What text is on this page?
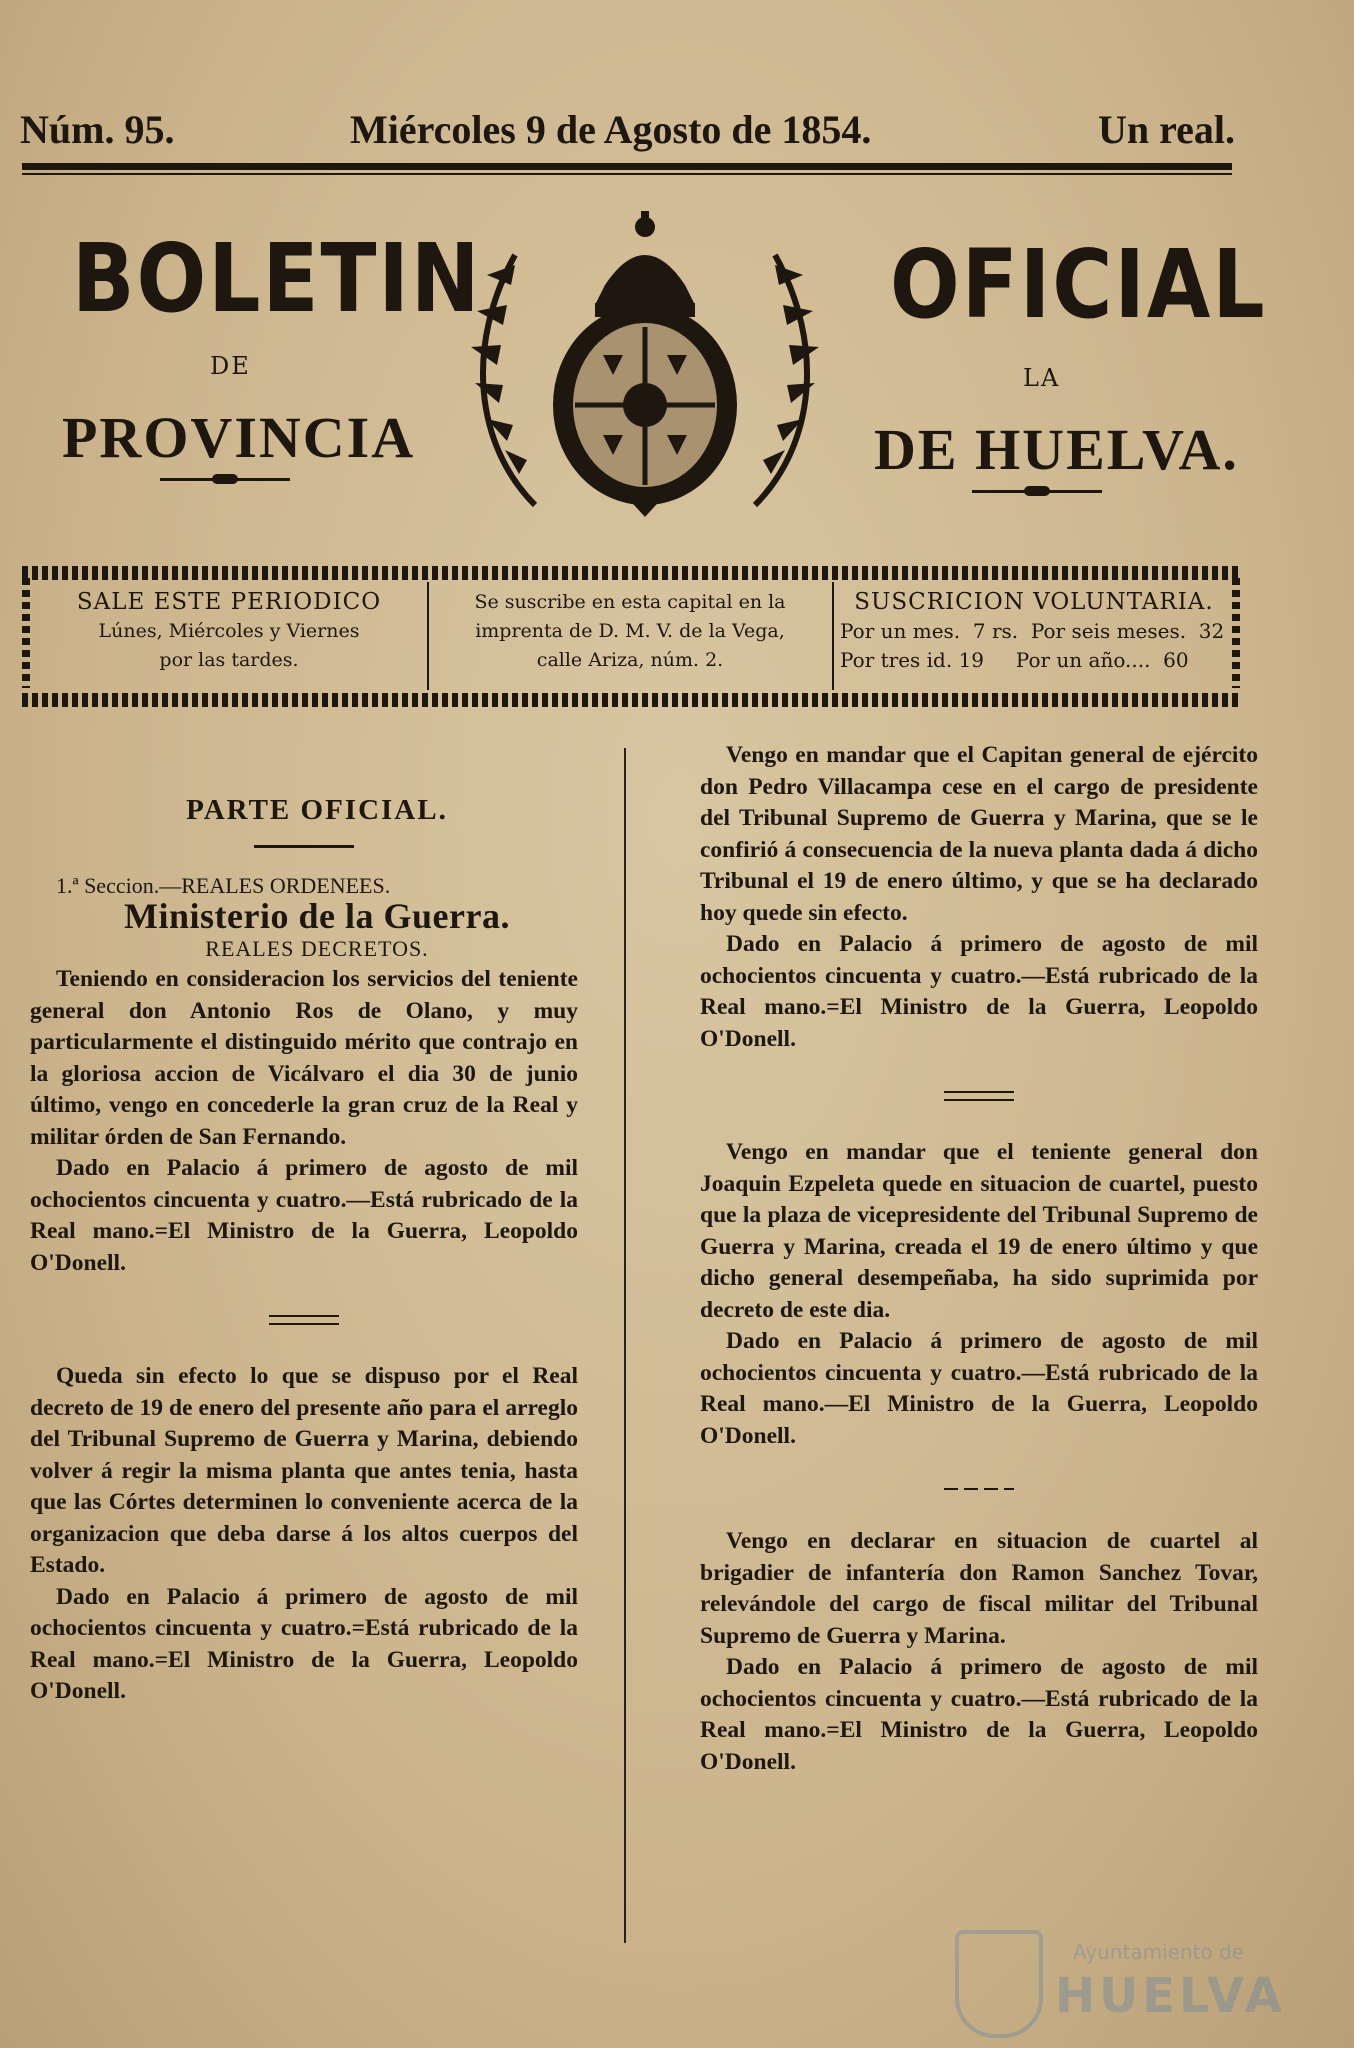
Núm. 95.	Miércoles 9 de Agosto de 1854.	Un real.
BOLETIN
DE
PROVINCIA
OFICIAL
LA
DE HUELVA.
SALE ESTE PERIODICO
Lúnes, Miércoles y Viernes
por las tardes.
Se suscribe en esta capital en la
imprenta de D. M. V. de la Vega,
calle Ariza, núm. 2.
SUSCRICION VOLUNTARIA.
Por un mes.  7 rs.  Por seis meses.  32
Por tres id. 19     Por un año....  60

PARTE OFICIAL.

1.ª Seccion.—REALES ORDENEES.

Ministerio de la Guerra.

REALES DECRETOS.

Teniendo en consideracion los servicios del teniente general don Antonio Ros de Olano, y muy particularmente el distinguido mérito que contrajo en la gloriosa accion de Vicálvaro el dia 30 de junio último, vengo en concederle la gran cruz de la Real y militar órden de San Fernando.

Dado en Palacio á primero de agosto de mil ochocientos cincuenta y cuatro.—Está rubricado de la Real mano.=El Ministro de la Guerra, Leopoldo O'Donell.

Queda sin efecto lo que se dispuso por el Real decreto de 19 de enero del presente año para el arreglo del Tribunal Supremo de Guerra y Marina, debiendo volver á regir la misma planta que antes tenia, hasta que las Córtes determinen lo conveniente acerca de la organizacion que deba darse á los altos cuerpos del Estado.

Dado en Palacio á primero de agosto de mil ochocientos cincuenta y cuatro.=Está rubricado de la Real mano.=El Ministro de la Guerra, Leopoldo O'Donell.

Vengo en mandar que el Capitan general de ejército don Pedro Villacampa cese en el cargo de presidente del Tribunal Supremo de Guerra y Marina, que se le confirió á consecuencia de la nueva planta dada á dicho Tribunal el 19 de enero último, y que se ha declarado hoy quede sin efecto.

Dado en Palacio á primero de agosto de mil ochocientos cincuenta y cuatro.—Está rubricado de la Real mano.=El Ministro de la Guerra, Leopoldo O'Donell.

Vengo en mandar que el teniente general don Joaquin Ezpeleta quede en situacion de cuartel, puesto que la plaza de vicepresidente del Tribunal Supremo de Guerra y Marina, creada el 19 de enero último y que dicho general desempeñaba, ha sido suprimida por decreto de este dia.

Dado en Palacio á primero de agosto de mil ochocientos cincuenta y cuatro.—Está rubricado de la Real mano.—El Ministro de la Guerra, Leopoldo O'Donell.

Vengo en declarar en situacion de cuartel al brigadier de infantería don Ramon Sanchez Tovar, relevándole del cargo de fiscal militar del Tribunal Supremo de Guerra y Marina.

Dado en Palacio á primero de agosto de mil ochocientos cincuenta y cuatro.—Está rubricado de la Real mano.=El Ministro de la Guerra, Leopoldo O'Donell.

Ayuntamiento de
HUELVA
